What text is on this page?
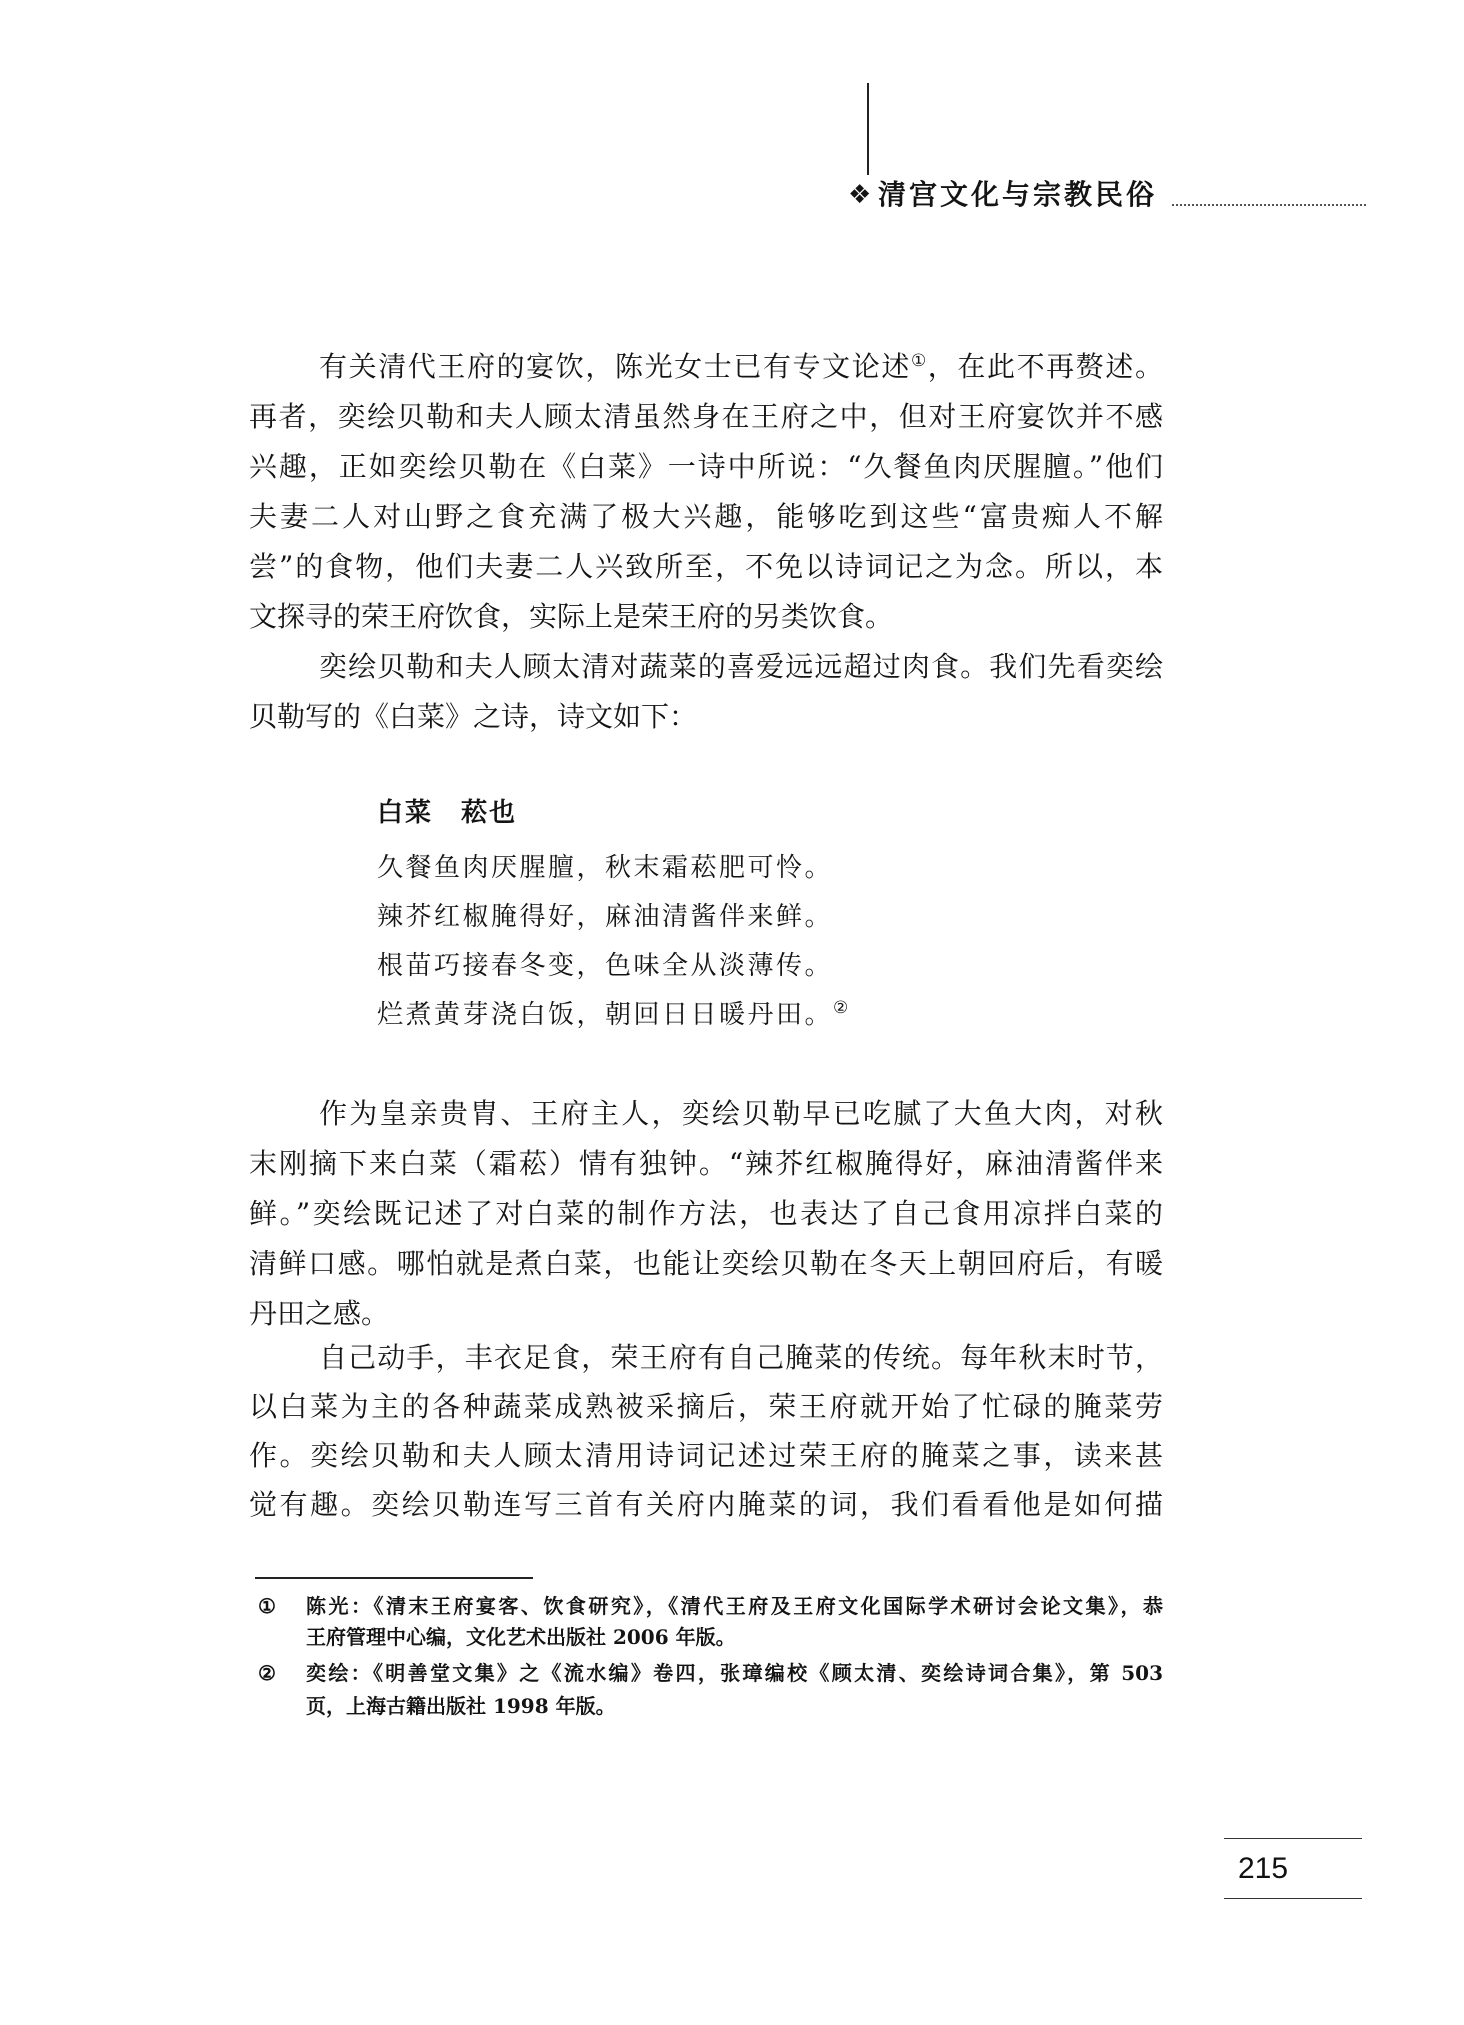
❖ 清宫文化与宗教民俗
有关清代王府的宴饮，陈光女士已有专文论述①，在此不再赘述。
再者，奕绘贝勒和夫人顾太清虽然身在王府之中，但对王府宴饮并不感
兴趣，正如奕绘贝勒在《白菜》一诗中所说：“久餐鱼肉厌腥膻。”他们
夫妻二人对山野之食充满了极大兴趣，能够吃到这些“富贵痴人不解
尝”的食物，他们夫妻二人兴致所至，不免以诗词记之为念。所以，本
文探寻的荣王府饮食，实际上是荣王府的另类饮食。
奕绘贝勒和夫人顾太清对蔬菜的喜爱远远超过肉食。我们先看奕绘
贝勒写的《白菜》之诗，诗文如下：
白菜　菘也
久餐鱼肉厌腥膻，秋末霜菘肥可怜。
辣芥红椒腌得好，麻油清酱伴来鲜。
根苗巧接春冬变，色味全从淡薄传。
烂煮黄芽浇白饭，朝回日日暖丹田。②
作为皇亲贵胄、王府主人，奕绘贝勒早已吃腻了大鱼大肉，对秋
末刚摘下来白菜（霜菘）情有独钟。“辣芥红椒腌得好，麻油清酱伴来
鲜。”奕绘既记述了对白菜的制作方法，也表达了自己食用凉拌白菜的
清鲜口感。哪怕就是煮白菜，也能让奕绘贝勒在冬天上朝回府后，有暖
丹田之感。
自己动手，丰衣足食，荣王府有自己腌菜的传统。每年秋末时节，
以白菜为主的各种蔬菜成熟被采摘后，荣王府就开始了忙碌的腌菜劳
作。奕绘贝勒和夫人顾太清用诗词记述过荣王府的腌菜之事，读来甚
觉有趣。奕绘贝勒连写三首有关府内腌菜的词，我们看看他是如何描
① 陈光：《清末王府宴客、饮食研究》，《清代王府及王府文化国际学术研讨会论文集》，恭
王府管理中心编，文化艺术出版社 2006 年版。
② 奕绘：《明善堂文集》之《流水编》卷四，张璋编校《顾太清、奕绘诗词合集》，第 503
页，上海古籍出版社 1998 年版。
215
